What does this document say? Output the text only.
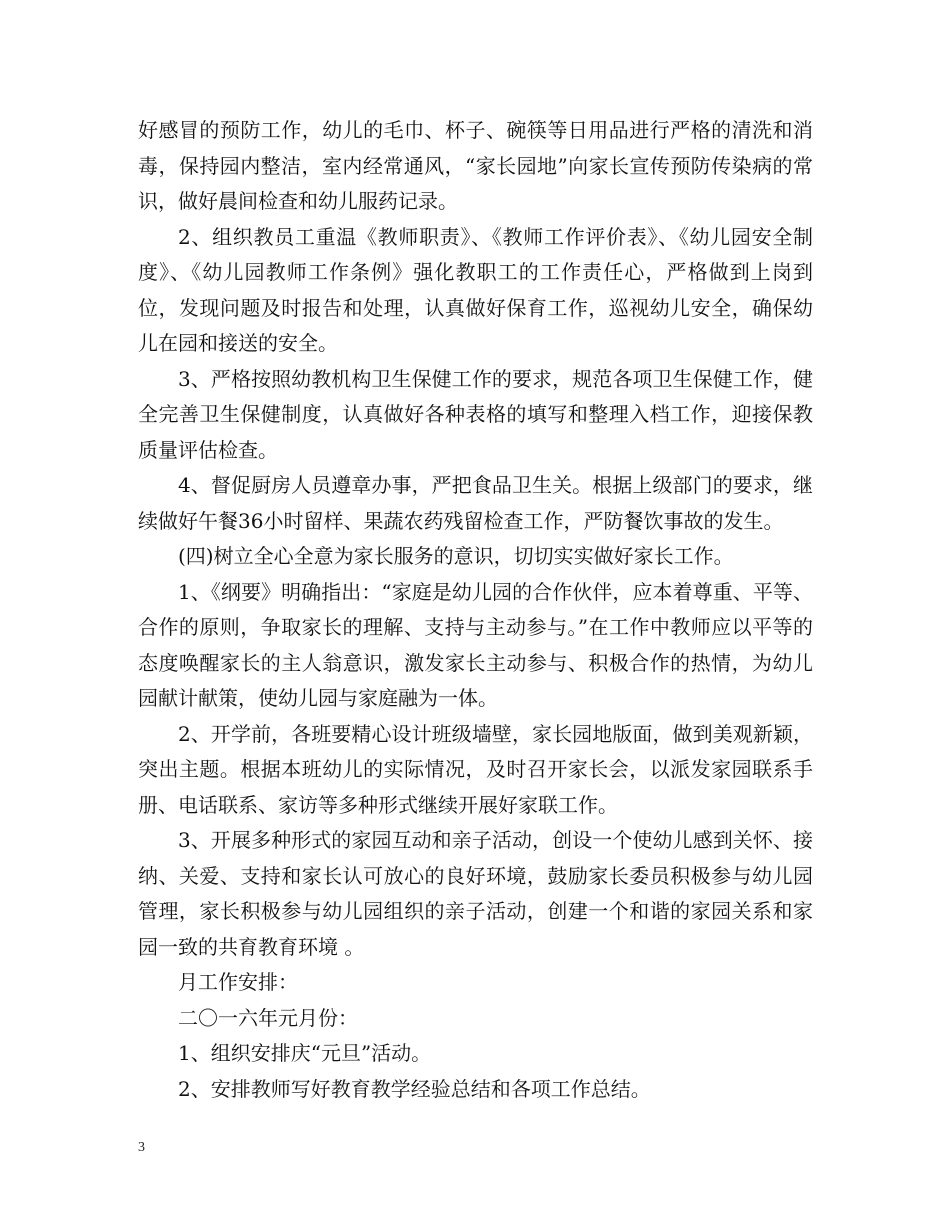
好感冒的预防工作，幼儿的毛巾、杯子、碗筷等日用品进行严格的清洗和消毒，保持园内整洁，室内经常通风，“家长园地”向家长宣传预防传染病的常识，做好晨间检查和幼儿服药记录。

2、组织教员工重温《教师职责》、《教师工作评价表》、《幼儿园安全制度》、《幼儿园教师工作条例》强化教职工的工作责任心，严格做到上岗到位，发现问题及时报告和处理，认真做好保育工作，巡视幼儿安全，确保幼儿在园和接送的安全。

3、严格按照幼教机构卫生保健工作的要求，规范各项卫生保健工作，健全完善卫生保健制度，认真做好各种表格的填写和整理入档工作，迎接保教质量评估检查。

4、督促厨房人员遵章办事，严把食品卫生关。根据上级部门的要求，继续做好午餐36小时留样、果蔬农药残留检查工作，严防餐饮事故的发生。

(四)树立全心全意为家长服务的意识，切切实实做好家长工作。

1、《纲要》明确指出：“家庭是幼儿园的合作伙伴，应本着尊重、平等、合作的原则，争取家长的理解、支持与主动参与。”在工作中教师应以平等的态度唤醒家长的主人翁意识，激发家长主动参与、积极合作的热情，为幼儿园献计献策，使幼儿园与家庭融为一体。

2、开学前，各班要精心设计班级墙壁，家长园地版面，做到美观新颖，突出主题。根据本班幼儿的实际情况，及时召开家长会，以派发家园联系手册、电话联系、家访等多种形式继续开展好家联工作。

3、开展多种形式的家园互动和亲子活动，创设一个使幼儿感到关怀、接纳、关爱、支持和家长认可放心的良好环境，鼓励家长委员积极参与幼儿园管理，家长积极参与幼儿园组织的亲子活动，创建一个和谐的家园关系和家园一致的共育教育环境 。

月工作安排：

二〇一六年元月份：

1、组织安排庆“元旦”活动。

2、安排教师写好教育教学经验总结和各项工作总结。

3
